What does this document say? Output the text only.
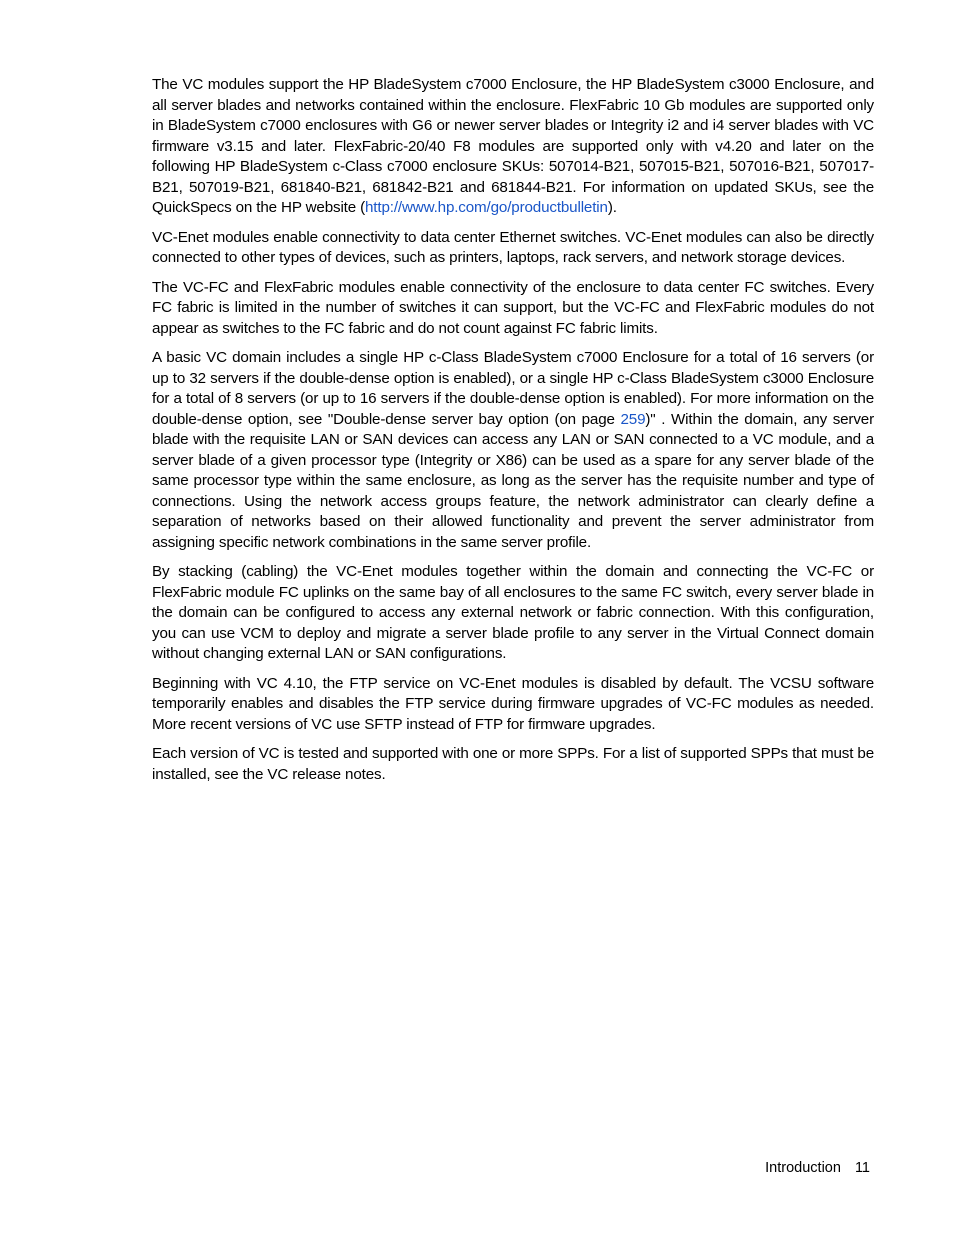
The VC modules support the HP BladeSystem c7000 Enclosure, the HP BladeSystem c3000 Enclosure, and all server blades and networks contained within the enclosure. FlexFabric 10 Gb modules are supported only in BladeSystem c7000 enclosures with G6 or newer server blades or Integrity i2 and i4 server blades with VC firmware v3.15 and later. FlexFabric-20/40 F8 modules are supported only with v4.20 and later on the following HP BladeSystem c-Class c7000 enclosure SKUs: 507014-B21, 507015-B21, 507016-B21, 507017-B21, 507019-B21, 681840-B21, 681842-B21 and 681844-B21. For information on updated SKUs, see the QuickSpecs on the HP website (http://www.hp.com/go/productbulletin).

VC-Enet modules enable connectivity to data center Ethernet switches. VC-Enet modules can also be directly connected to other types of devices, such as printers, laptops, rack servers, and network storage devices.

The VC-FC and FlexFabric modules enable connectivity of the enclosure to data center FC switches. Every FC fabric is limited in the number of switches it can support, but the VC-FC and FlexFabric modules do not appear as switches to the FC fabric and do not count against FC fabric limits.

A basic VC domain includes a single HP c-Class BladeSystem c7000 Enclosure for a total of 16 servers (or up to 32 servers if the double-dense option is enabled), or a single HP c-Class BladeSystem c3000 Enclosure for a total of 8 servers (or up to 16 servers if the double-dense option is enabled). For more information on the double-dense option, see "Double-dense server bay option (on page 259)" . Within the domain, any server blade with the requisite LAN or SAN devices can access any LAN or SAN connected to a VC module, and a server blade of a given processor type (Integrity or X86) can be used as a spare for any server blade of the same processor type within the same enclosure, as long as the server has the requisite number and type of connections. Using the network access groups feature, the network administrator can clearly define a separation of networks based on their allowed functionality and prevent the server administrator from assigning specific network combinations in the same server profile.

By stacking (cabling) the VC-Enet modules together within the domain and connecting the VC-FC or FlexFabric module FC uplinks on the same bay of all enclosures to the same FC switch, every server blade in the domain can be configured to access any external network or fabric connection. With this configuration, you can use VCM to deploy and migrate a server blade profile to any server in the Virtual Connect domain without changing external LAN or SAN configurations.

Beginning with VC 4.10, the FTP service on VC-Enet modules is disabled by default. The VCSU software temporarily enables and disables the FTP service during firmware upgrades of VC-FC modules as needed. More recent versions of VC use SFTP instead of FTP for firmware upgrades.

Each version of VC is tested and supported with one or more SPPs. For a list of supported SPPs that must be installed, see the VC release notes.

Introduction 11
